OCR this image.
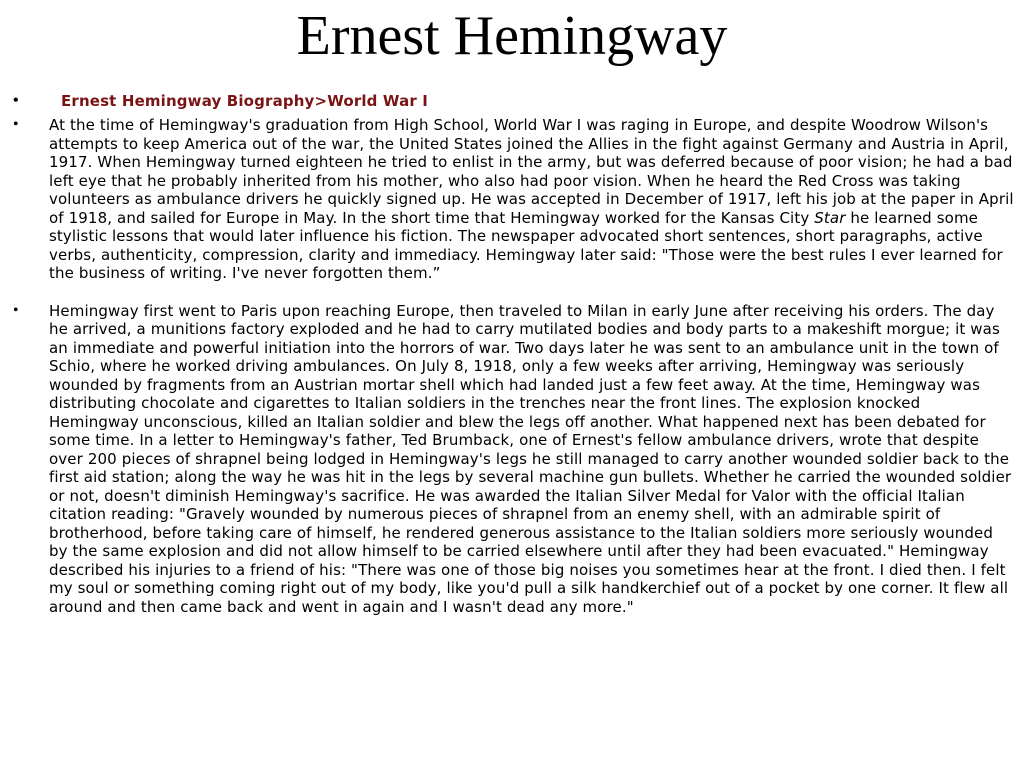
Ernest Hemingway
•	Ernest Hemingway Biography>World War I
• At the time of Hemingway's graduation from High School, World War I was raging in Europe, and despite Woodrow Wilson's attempts to keep America out of the war, the United States joined the Allies in the fight against Germany and Austria in April, 1917. When Hemingway turned eighteen he tried to enlist in the army, but was deferred because of poor vision; he had a bad left eye that he probably inherited from his mother, who also had poor vision. When he heard the Red Cross was taking volunteers as ambulance drivers he quickly signed up. He was accepted in December of 1917, left his job at the paper in April of 1918, and sailed for Europe in May. In the short time that Hemingway worked for the Kansas City Star he learned some stylistic lessons that would later influence his fiction. The newspaper advocated short sentences, short paragraphs, active verbs, authenticity, compression, clarity and immediacy. Hemingway later said: "Those were the best rules I ever learned for the business of writing. I've never forgotten them.”
• Hemingway first went to Paris upon reaching Europe, then traveled to Milan in early June after receiving his orders. The day he arrived, a munitions factory exploded and he had to carry mutilated bodies and body parts to a makeshift morgue; it was an immediate and powerful initiation into the horrors of war. Two days later he was sent to an ambulance unit in the town of Schio, where he worked driving ambulances. On July 8, 1918, only a few weeks after arriving, Hemingway was seriously wounded by fragments from an Austrian mortar shell which had landed just a few feet away. At the time, Hemingway was distributing chocolate and cigarettes to Italian soldiers in the trenches near the front lines. The explosion knocked Hemingway unconscious, killed an Italian soldier and blew the legs off another. What happened next has been debated for some time. In a letter to Hemingway's father, Ted Brumback, one of Ernest's fellow ambulance drivers, wrote that despite over 200 pieces of shrapnel being lodged in Hemingway's legs he still managed to carry another wounded soldier back to the first aid station; along the way he was hit in the legs by several machine gun bullets. Whether he carried the wounded soldier or not, doesn't diminish Hemingway's sacrifice. He was awarded the Italian Silver Medal for Valor with the official Italian citation reading: "Gravely wounded by numerous pieces of shrapnel from an enemy shell, with an admirable spirit of brotherhood, before taking care of himself, he rendered generous assistance to the Italian soldiers more seriously wounded by the same explosion and did not allow himself to be carried elsewhere until after they had been evacuated." Hemingway described his injuries to a friend of his: "There was one of those big noises you sometimes hear at the front. I died then. I felt my soul or something coming right out of my body, like you'd pull a silk handkerchief out of a pocket by one corner. It flew all around and then came back and went in again and I wasn't dead any more."
